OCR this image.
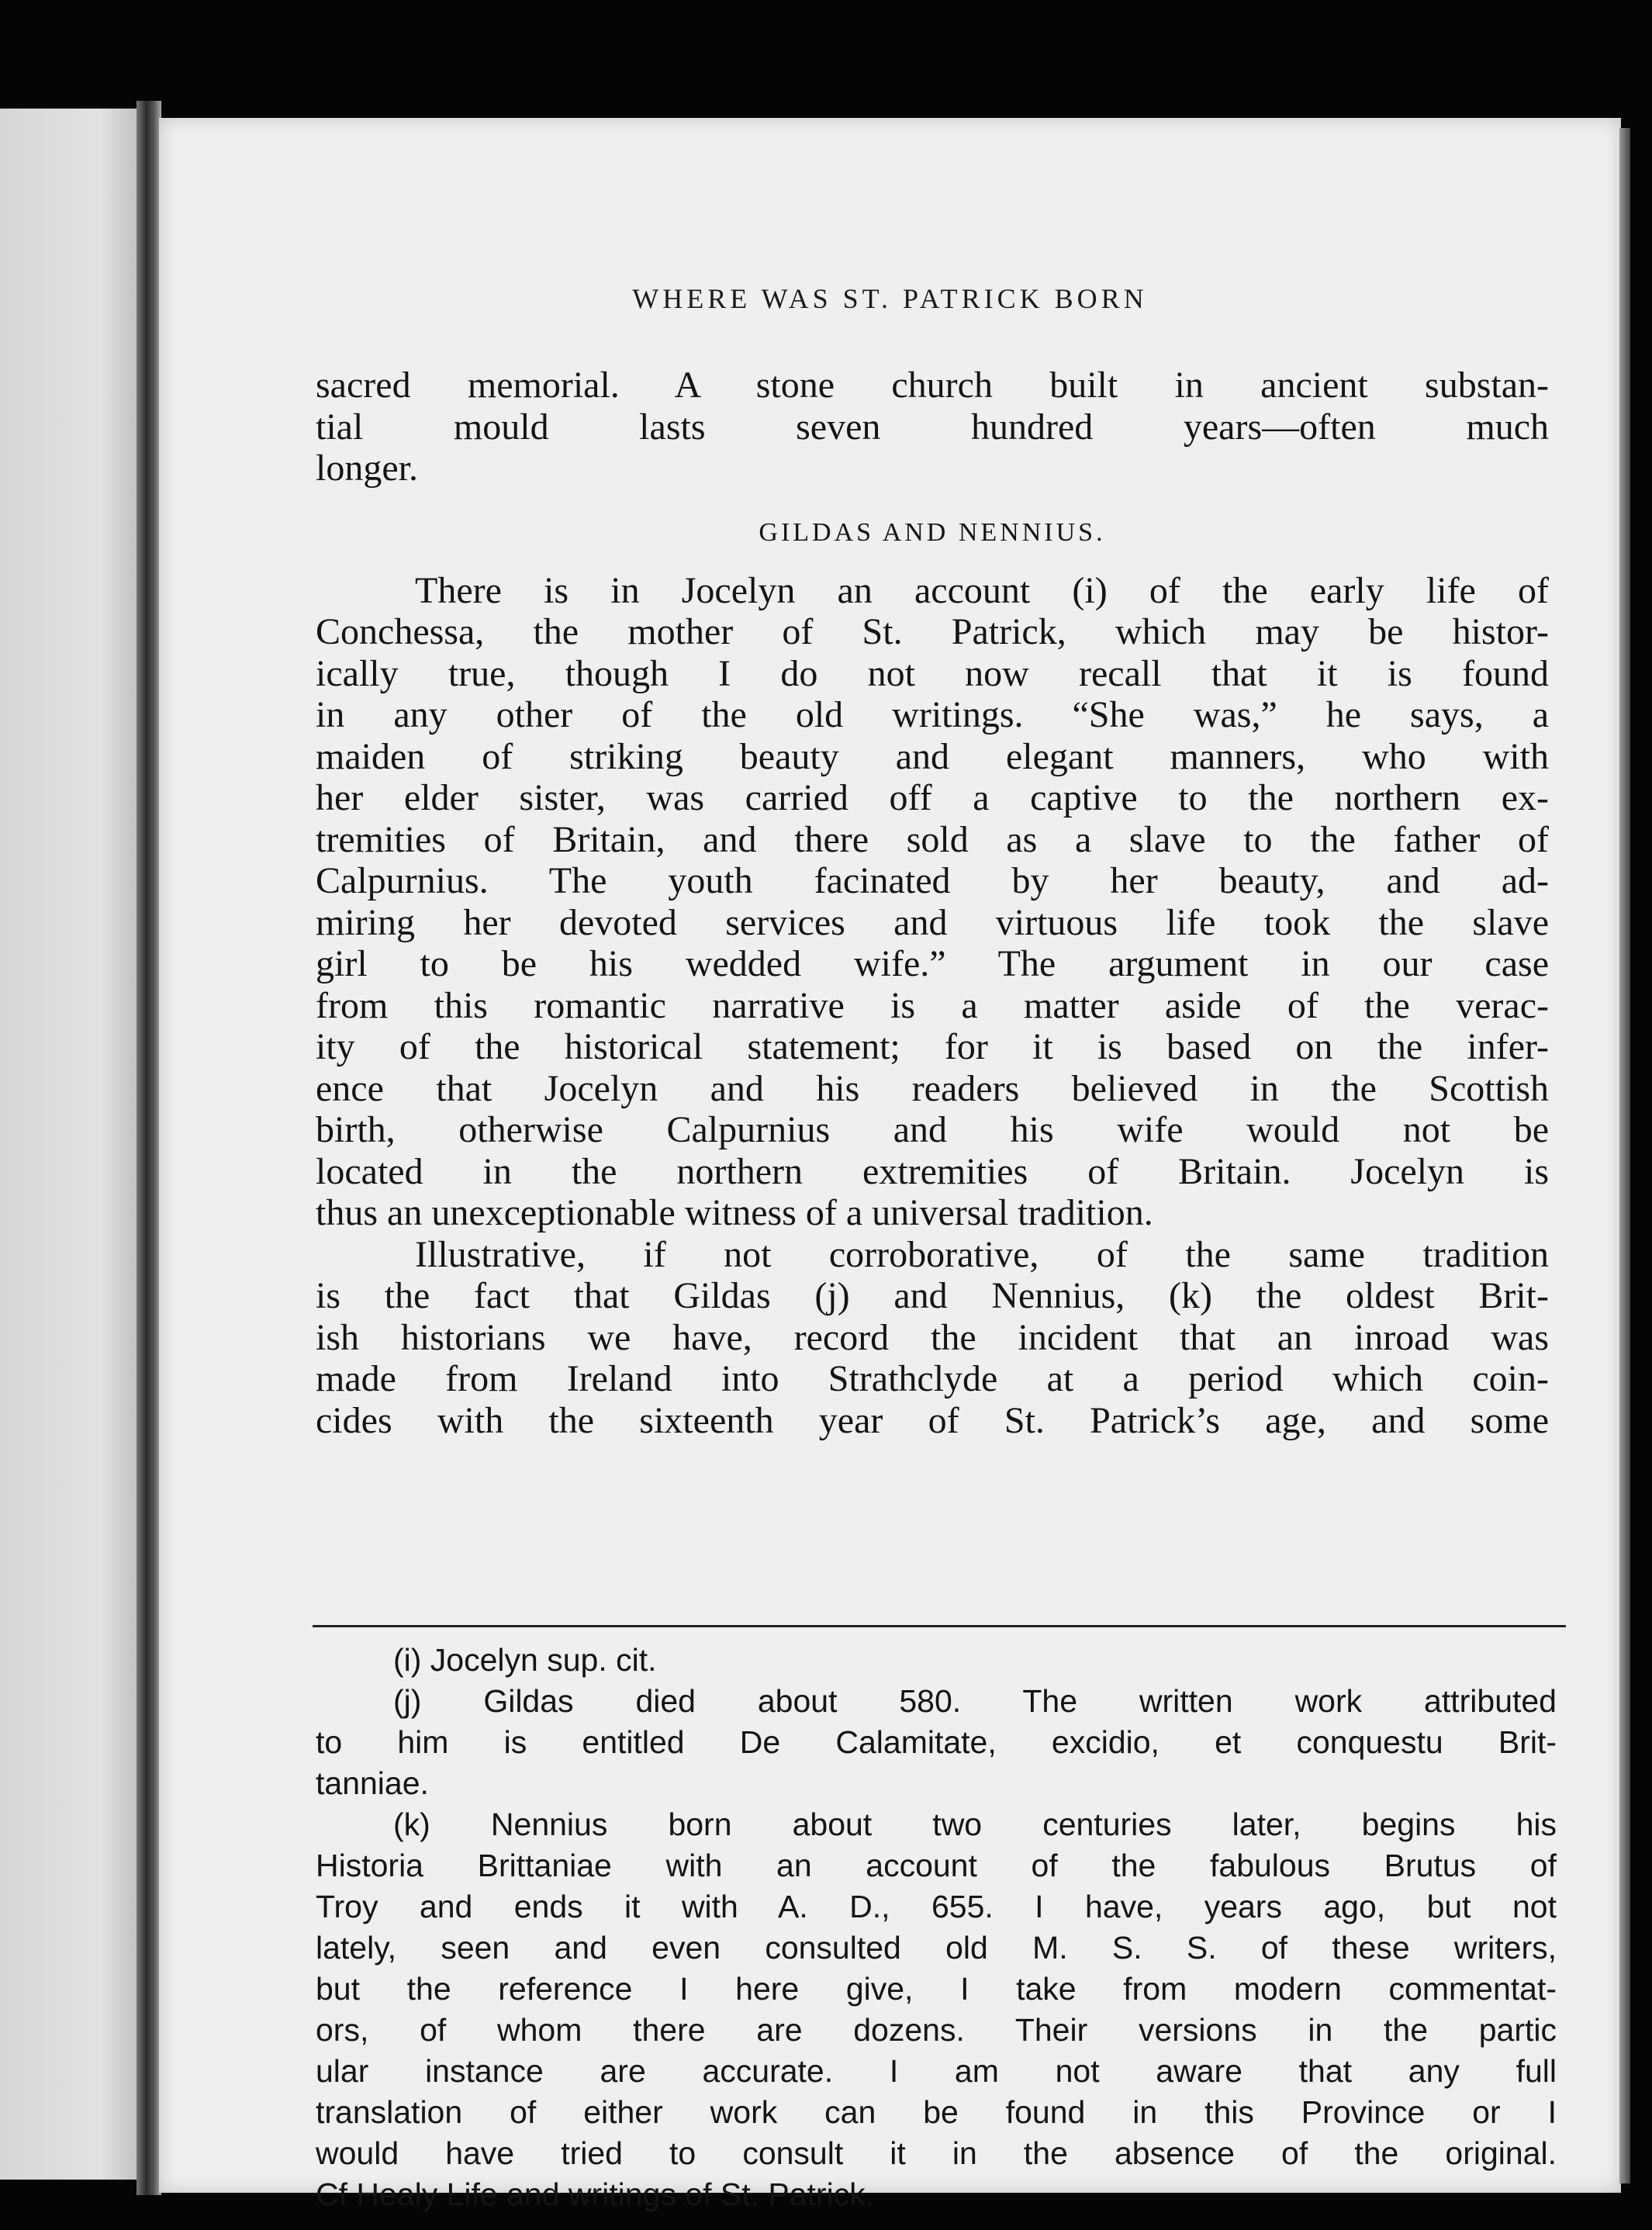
WHERE WAS ST. PATRICK BORN
sacred memorial. A stone church built in ancient substan-
tial mould lasts seven hundred years—often much
longer.
GILDAS AND NENNIUS.
There is in Jocelyn an account (i) of the early life of
Conchessa, the mother of St. Patrick, which may be histor-
ically true, though I do not now recall that it is found
in any other of the old writings. “She was,” he says, a
maiden of striking beauty and elegant manners, who with
her elder sister, was carried off a captive to the northern ex-
tremities of Britain, and there sold as a slave to the father of
Calpurnius. The youth facinated by her beauty, and ad-
miring her devoted services and virtuous life took the slave
girl to be his wedded wife.” The argument in our case
from this romantic narrative is a matter aside of the verac-
ity of the historical statement; for it is based on the infer-
ence that Jocelyn and his readers believed in the Scottish
birth, otherwise Calpurnius and his wife would not be
located in the northern extremities of Britain. Jocelyn is
thus an unexceptionable witness of a universal tradition.
Illustrative, if not corroborative, of the same tradition
is the fact that Gildas (j) and Nennius, (k) the oldest Brit-
ish historians we have, record the incident that an inroad was
made from Ireland into Strathclyde at a period which coin-
cides with the sixteenth year of St. Patrick’s age, and some
(i) Jocelyn sup. cit.
(j) Gildas died about 580. The written work attributed
to him is entitled De Calamitate, excidio, et conquestu Brit-
tanniae.
(k) Nennius born about two centuries later, begins his
Historia Brittaniae with an account of the fabulous Brutus of
Troy and ends it with A. D., 655. I have, years ago, but not
lately, seen and even consulted old M. S. S. of these writers,
but the reference I here give, I take from modern commentat-
ors, of whom there are dozens. Their versions in the partic
ular instance are accurate. I am not aware that any full
translation of either work can be found in this Province or I
would have tried to consult it in the absence of the original.
Cf Healy Life and writings of St. Patrick.
